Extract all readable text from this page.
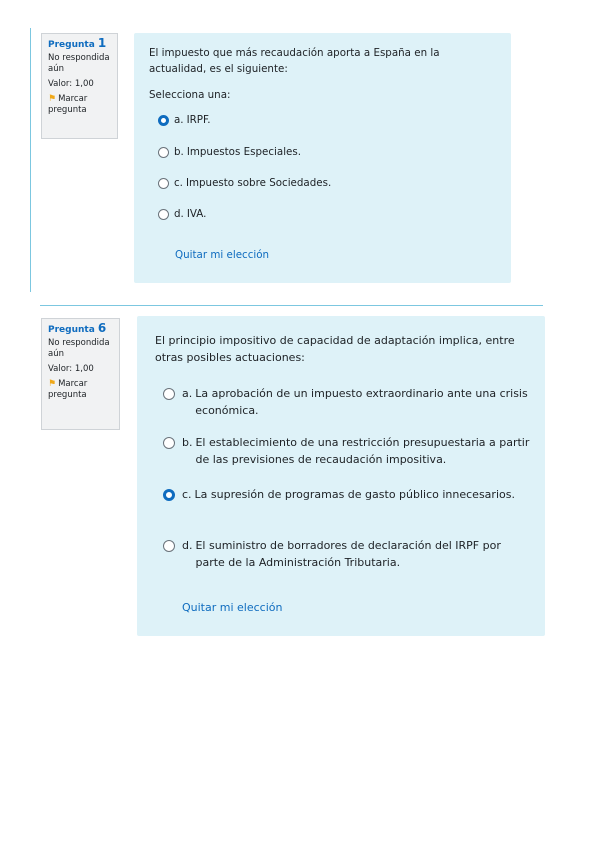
Pregunta 1
No respondida aún
Valor: 1,00
⚑ Marcar pregunta
El impuesto que más recaudación aporta a España en la actualidad, es el siguiente:
Selecciona una:
a. IRPF.
b. Impuestos Especiales.
c. Impuesto sobre Sociedades.
d. IVA.
Quitar mi elección
Pregunta 6
No respondida aún
Valor: 1,00
⚑ Marcar pregunta
El principio impositivo de capacidad de adaptación implica, entre otras posibles actuaciones:
a. La aprobación de un impuesto extraordinario ante una crisis económica.
b. El establecimiento de una restricción presupuestaria a partir de las previsiones de recaudación impositiva.
c. La supresión de programas de gasto público innecesarios.
d. El suministro de borradores de declaración del IRPF por parte de la Administración Tributaria.
Quitar mi elección
